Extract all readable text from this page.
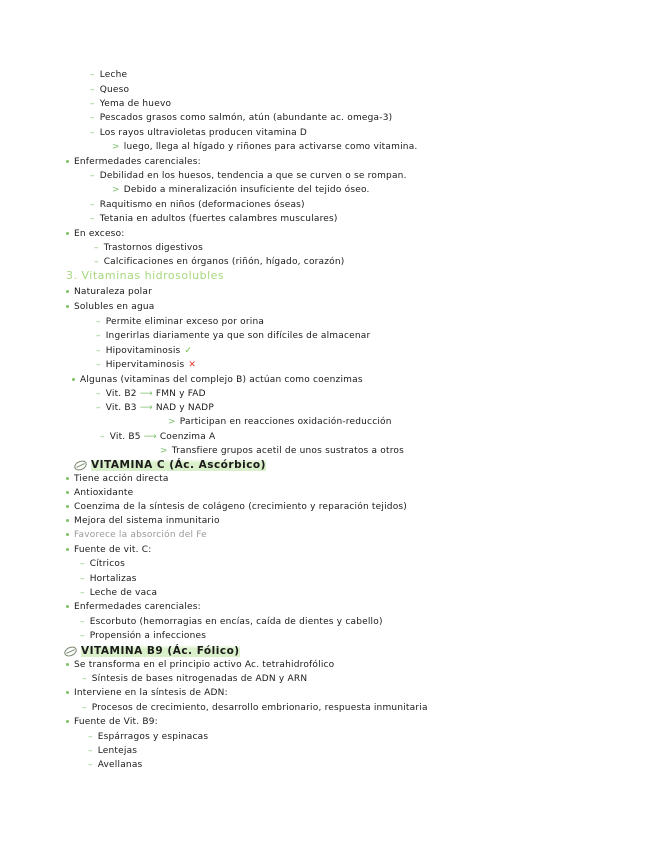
– Leche
– Queso
– Yema de huevo
– Pescados grasos como salmón, atún (abundante ac. omega-3)
– Los rayos ultravioletas producen vitamina D
> luego, llega al hígado y riñones para activarse como vitamina.
Enfermedades carenciales:
– Debilidad en los huesos, tendencia a que se curven o se rompan.
> Debido a mineralización insuficiente del tejido óseo.
– Raquitismo en niños (deformaciones óseas)
– Tetania en adultos (fuertes calambres musculares)
En exceso:
– Trastornos digestivos
– Calcificaciones en órganos (riñón, hígado, corazón)
3. Vitaminas hidrosolubles
Naturaleza polar
Solubles en agua
– Permite eliminar exceso por orina
– Ingerirlas diariamente ya que son difíciles de almacenar
– Hipovitaminosis ✓
– Hipervitaminosis ✕
Algunas (vitaminas del complejo B) actúan como coenzimas
– Vit. B2 ⟶ FMN y FAD
– Vit. B3 ⟶ NAD y NADP
> Participan en reacciones oxidación-reducción
– Vit. B5 ⟶ Coenzima A
> Transfiere grupos acetil de unos sustratos a otros
VITAMINA C (Ác. Ascórbico)
Tiene acción directa
Antioxidante
Coenzima de la síntesis de colágeno (crecimiento y reparación tejidos)
Mejora del sistema inmunitario
Favorece la absorción del Fe
Fuente de vit. C:
– Cítricos
– Hortalizas
– Leche de vaca
Enfermedades carenciales:
– Escorbuto (hemorragias en encías, caída de dientes y cabello)
– Propensión a infecciones
VITAMINA B9 (Ác. Fólico)
Se transforma en el principio activo Ac. tetrahidrofólico
– Síntesis de bases nitrogenadas de ADN y ARN
Interviene en la síntesis de ADN:
– Procesos de crecimiento, desarrollo embrionario, respuesta inmunitaria
Fuente de Vit. B9:
– Espárragos y espinacas
– Lentejas
– Avellanas
